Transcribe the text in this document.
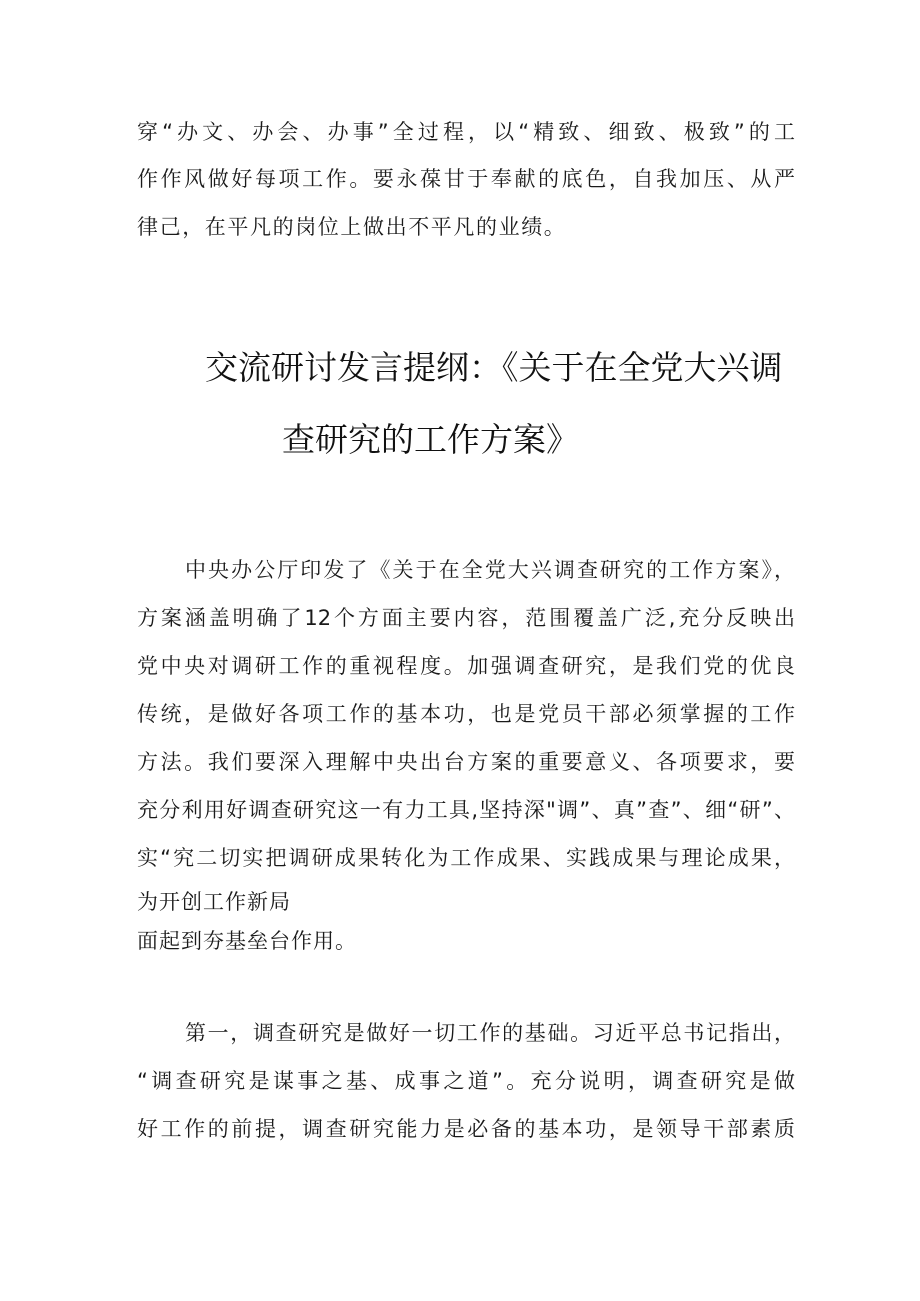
穿“办文、办会、办事”全过程，以“精致、细致、极致”的工
作作风做好每项工作。要永葆甘于奉献的底色，自我加压、从严
律己，在平凡的岗位上做出不平凡的业绩。
交流研讨发言提纲：《关于在全党大兴调
查研究的工作方案》
中央办公厅印发了《关于在全党大兴调查研究的工作方案》，
方案涵盖明确了12个方面主要内容，范围覆盖广泛,充分反映出
党中央对调研工作的重视程度。加强调查研究，是我们党的优良
传统，是做好各项工作的基本功，也是党员干部必须掌握的工作
方法。我们要深入理解中央出台方案的重要意义、各项要求，要
充分利用好调查研究这一有力工具,坚持深"调”、真”查”、细“研”、
实“究二切实把调研成果转化为工作成果、实践成果与理论成果，
为开创工作新局
面起到夯基垒台作用。
第一，调查研究是做好一切工作的基础。习近平总书记指出，
“调查研究是谋事之基、成事之道”。充分说明，调查研究是做
好工作的前提，调查研究能力是必备的基本功，是领导干部素质
